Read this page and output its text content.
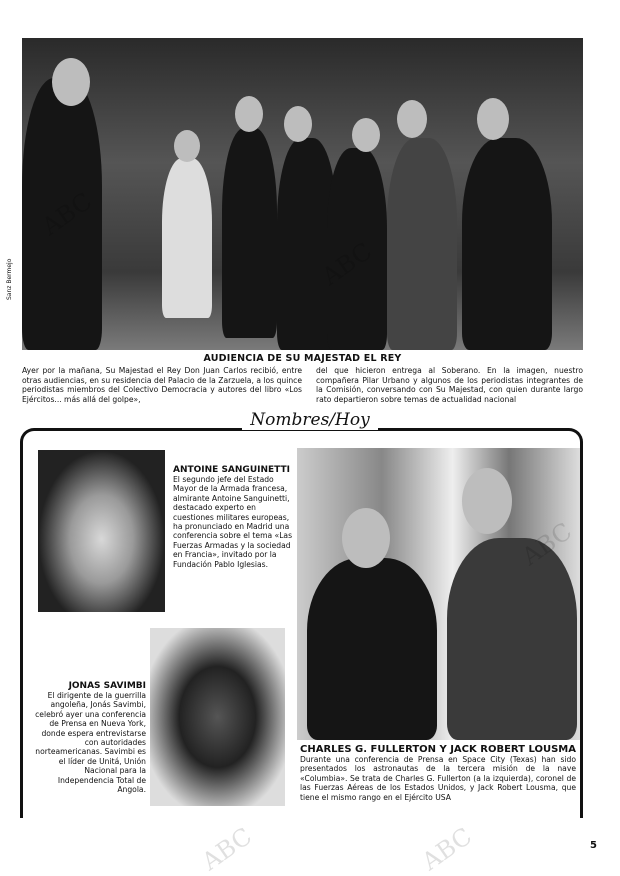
Sanz Bermejo
AUDIENCIA DE SU MAJESTAD EL REY
Ayer por la mañana, Su Majestad el Rey Don Juan Carlos recibió, entre otras audiencias, en su residencia del Palacio de la Zarzuela, a los quince periodistas miembros del Colectivo Democracia y autores del libro «Los Ejércitos... más allá del golpe»,
del que hicieron entrega al Soberano. En la imagen, nuestro compañera Pilar Urbano y algunos de los periodistas integrantes de la Comisión, conversando con Su Majestad, con quien durante largo rato departieron sobre temas de actualidad nacional
Nombres/Hoy
ANTOINE SANGUINETTI
El segundo jefe del Estado Mayor de la Armada francesa, almirante Antoine Sanguinetti, destacado experto en cuestiones militares europeas, ha pronunciado en Madrid una conferencia sobre el tema «Las Fuerzas Armadas y la sociedad en Francia», invitado por la Fundación Pablo Iglesias.
JONAS SAVIMBI
El dirigente de la guerrilla angoleña, Jonás Savimbi, celebró ayer una conferencia de Prensa en Nueva York, donde espera entrevistarse con autoridades norteamericanas. Savimbi es el líder de Unitá, Unión Nacional para la Independencia Total de Angola.
CHARLES G. FULLERTON Y JACK ROBERT LOUSMA
Durante una conferencia de Prensa en Space City (Texas) han sido presentados los astronautas de la tercera misión de la nave «Columbia». Se trata de Charles G. Fullerton (a la izquierda), coronel de las Fuerzas Aéreas de los Estados Unidos, y Jack Robert Lousma, que tiene el mismo rango en el Ejército USA
ABC
ABC
ABC
ABC	ABC	5
